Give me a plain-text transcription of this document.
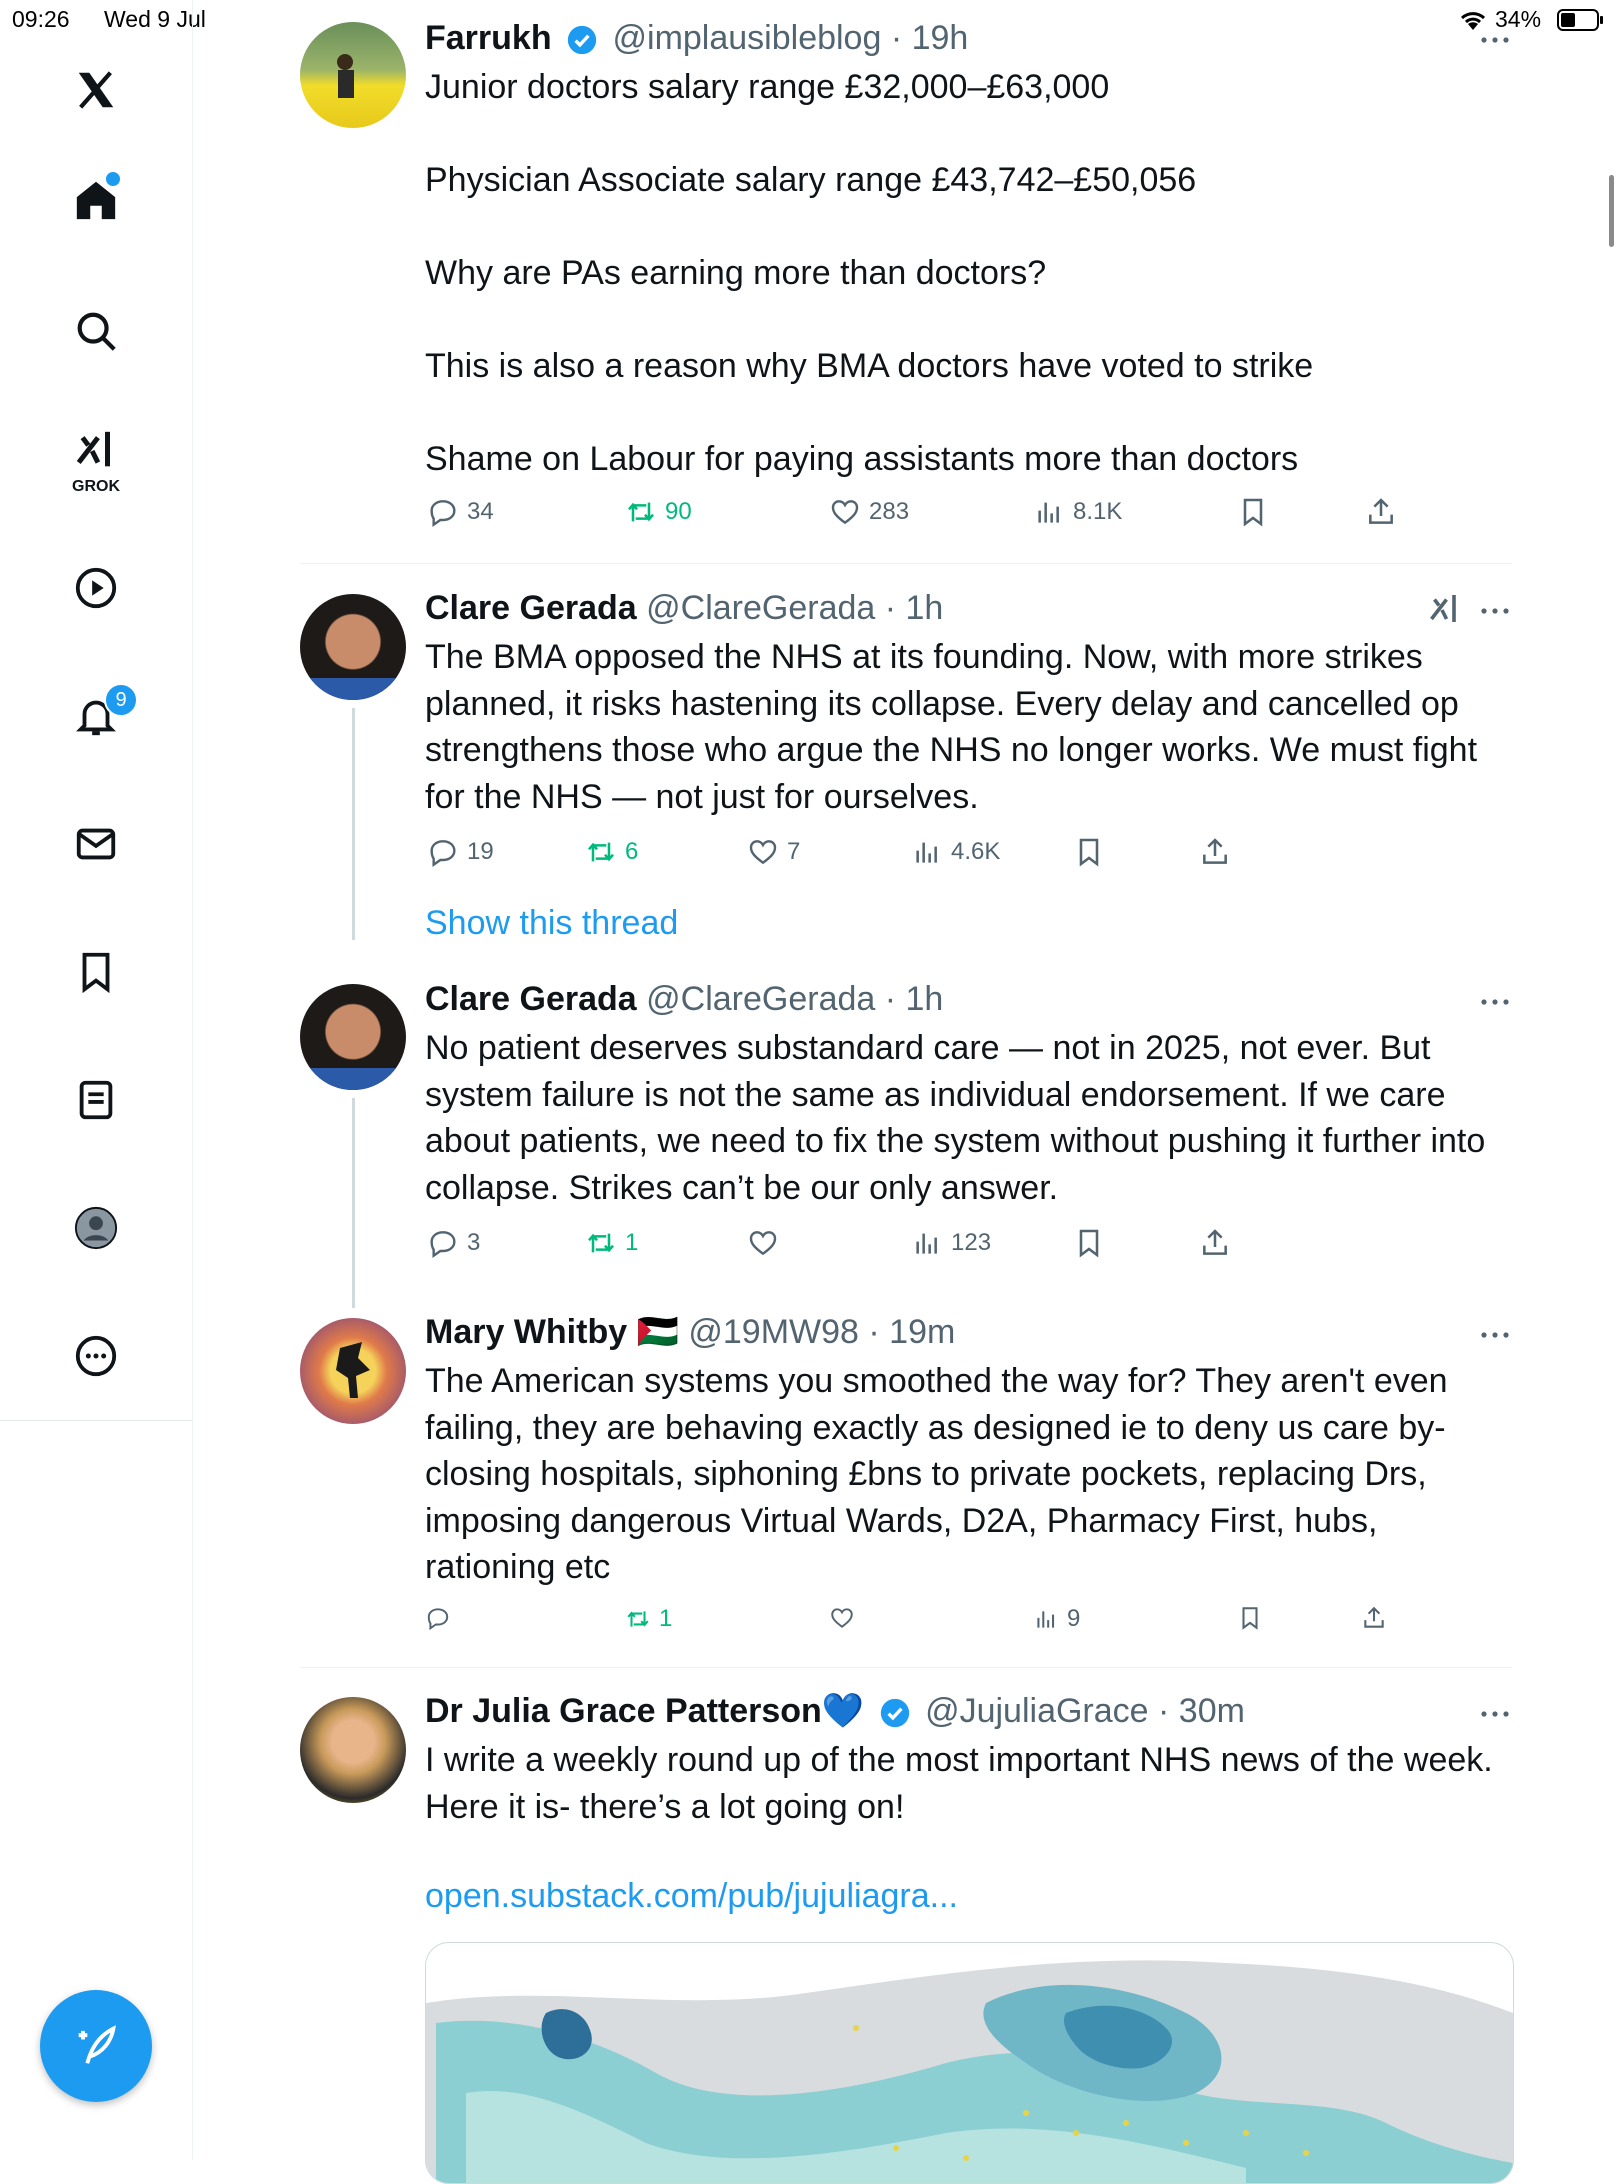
09:26 Wed 9 Jul	34%
GROK
9
Farrukh @implausibleblog · 19h
Junior doctors salary range £32,000–£63,000

Physician Associate salary range £43,742–£50,056

Why are PAs earning more than doctors?

This is also a reason why BMA doctors have voted to strike

Shame on Labour for paying assistants more than doctors
34	90	283	8.1K
Clare Gerada @ClareGerada · 1h
The BMA opposed the NHS at its founding. Now, with more strikes planned, it risks hastening its collapse. Every delay and cancelled op strengthens those who argue the NHS no longer works. We must fight for the NHS — not just for ourselves.
19	6	7	4.6K
Show this thread
Clare Gerada @ClareGerada · 1h
No patient deserves substandard care — not in 2025, not ever. But system failure is not the same as individual endorsement. If we care about patients, we need to fix the system without pushing it further into collapse. Strikes can’t be our only answer.
3	1	123
Mary Whitby 🇵🇸 @19MW98 · 19m
The American systems you smoothed the way for? They aren't even failing, they are behaving exactly as designed ie to deny us care by- closing hospitals, siphoning £bns to private pockets, replacing Drs, imposing dangerous Virtual Wards, D2A, Pharmacy First, hubs, rationing etc
1	9
Dr Julia Grace Patterson💙 @JujuliaGrace · 30m
I write a weekly round up of the most important NHS news of the week. Here it is- there’s a lot going on!
open.substack.com/pub/jujuliagra...
